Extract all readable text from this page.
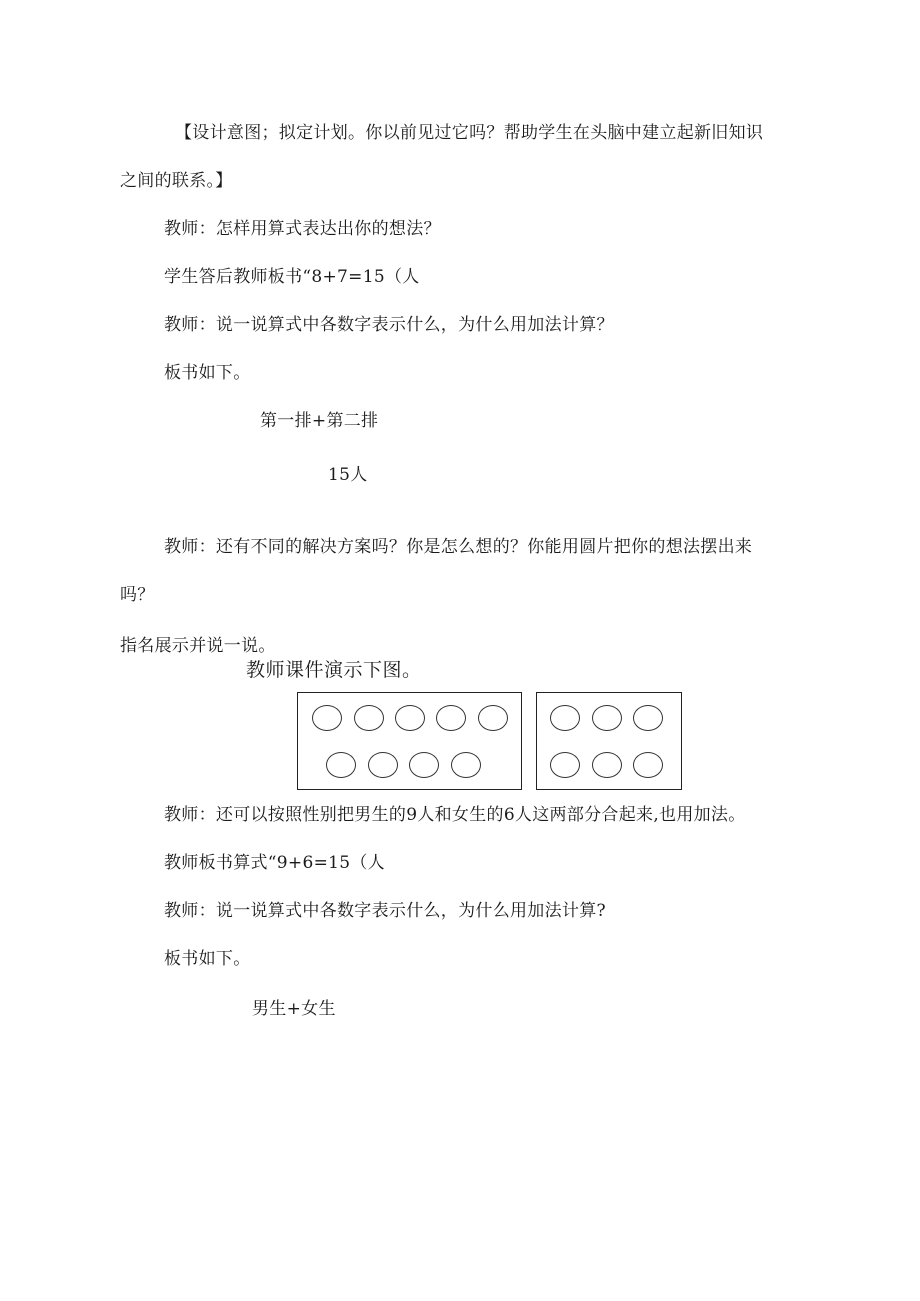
【设计意图；拟定计划。你以前见过它吗？帮助学生在头脑中建立起新旧知识
之间的联系。】
教师：怎样用算式表达出你的想法？
学生答后教师板书“8+7=15（人
教师：说一说算式中各数字表示什么，为什么用加法计算？
板书如下。
第一排+第二排
15人
教师：还有不同的解决方案吗？你是怎么想的？你能用圆片把你的想法摆出来
吗？
指名展示并说一说。
教师课件演示下图。
教师：还可以按照性别把男生的9人和女生的6人这两部分合起来,也用加法。
教师板书算式“9+6=15（人
教师：说一说算式中各数字表示什么，为什么用加法计算?
板书如下。
男生+女生
